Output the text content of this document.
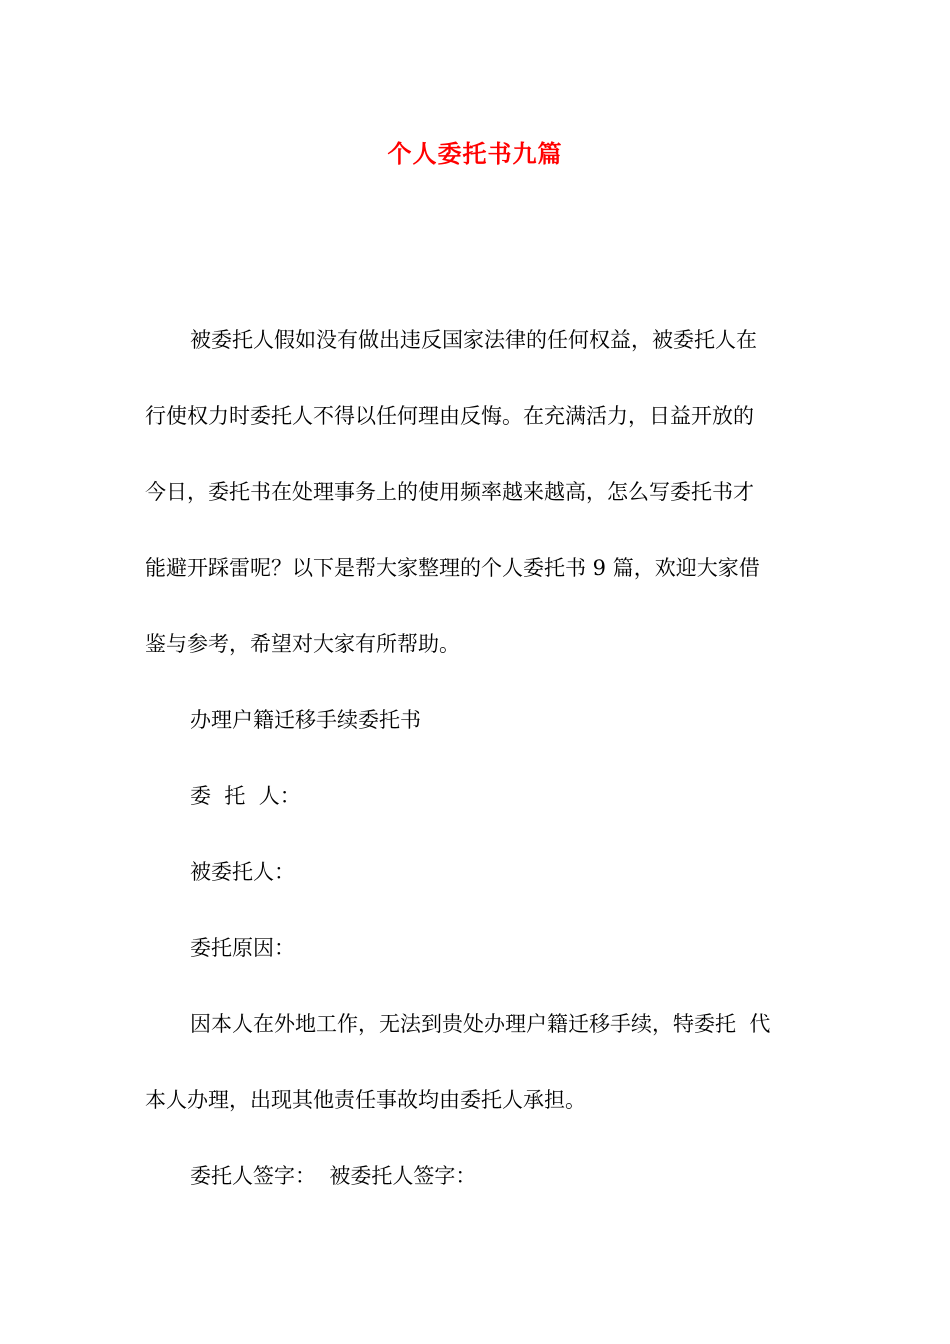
个人委托书九篇
被委托人假如没有做出违反国家法律的任何权益，被委托人在
行使权力时委托人不得以任何理由反悔。在充满活力，日益开放的
今日，委托书在处理事务上的使用频率越来越高，怎么写委托书才
能避开踩雷呢？以下是帮大家整理的个人委托书 9 篇，欢迎大家借
鉴与参考，希望对大家有所帮助。
办理户籍迁移手续委托书
委  托  人：
被委托人：
委托原因：
因本人在外地工作，无法到贵处办理户籍迁移手续，特委托  代
本人办理，出现其他责任事故均由委托人承担。
委托人签字：  被委托人签字：
